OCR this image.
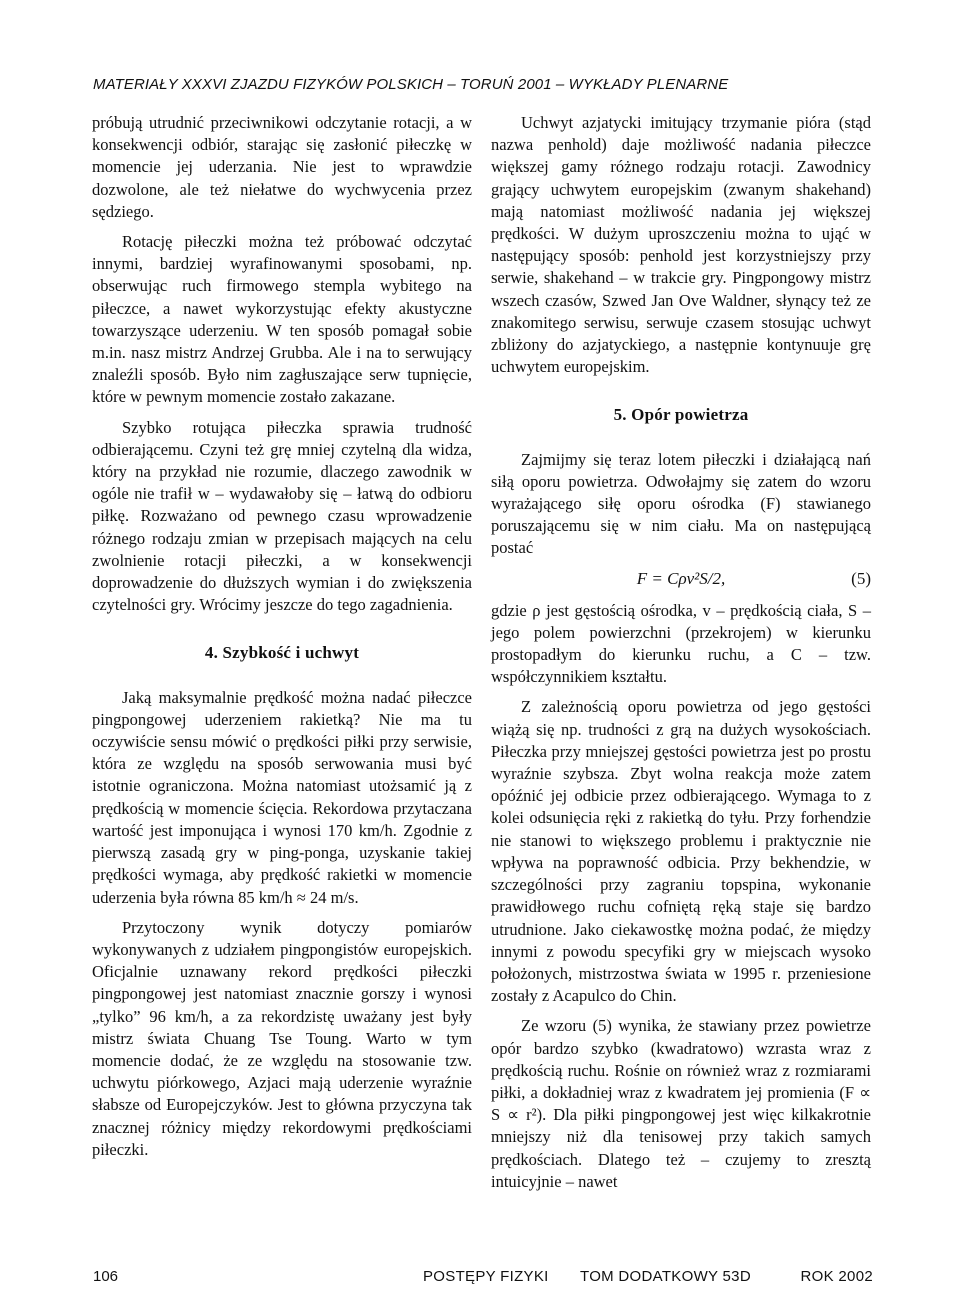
MATERIAŁY XXXVI ZJAZDU FIZYKÓW POLSKICH – TORUŃ 2001 – WYKŁADY PLENARNE

próbują utrudnić przeciwnikowi odczytanie rotacji, a w konsekwencji odbiór, starając się zasłonić piłeczkę w momencie jej uderzania. Nie jest to wprawdzie dozwolone, ale też niełatwe do wychwycenia przez sędziego.

Rotację piłeczki można też próbować odczytać innymi, bardziej wyrafinowanymi sposobami, np. obserwując ruch firmowego stempla wybitego na piłeczce, a nawet wykorzystując efekty akustyczne towarzyszące uderzeniu. W ten sposób pomagał sobie m.in. nasz mistrz Andrzej Grubba. Ale i na to serwujący znaleźli sposób. Było nim zagłuszające serw tupnięcie, które w pewnym momencie zostało zakazane.

Szybko rotująca piłeczka sprawia trudność odbierającemu. Czyni też grę mniej czytelną dla widza, który na przykład nie rozumie, dlaczego zawodnik w ogóle nie trafił w – wydawałoby się – łatwą do odbioru piłkę. Rozważano od pewnego czasu wprowadzenie różnego rodzaju zmian w przepisach mających na celu zwolnienie rotacji piłeczki, a w konsekwencji doprowadzenie do dłuższych wymian i do zwiększenia czytelności gry. Wrócimy jeszcze do tego zagadnienia.

4. Szybkość i uchwyt

Jaką maksymalnie prędkość można nadać piłeczce pingpongowej uderzeniem rakietką? Nie ma tu oczywiście sensu mówić o prędkości piłki przy serwisie, która ze względu na sposób serwowania musi być istotnie ograniczona. Można natomiast utożsamić ją z prędkością w momencie ścięcia. Rekordowa przytaczana wartość jest imponująca i wynosi 170 km/h. Zgodnie z pierwszą zasadą gry w ping-ponga, uzyskanie takiej prędkości wymaga, aby prędkość rakietki w momencie uderzenia była równa 85 km/h ≈ 24 m/s.

Przytoczony wynik dotyczy pomiarów wykonywanych z udziałem pingpongistów europejskich. Oficjalnie uznawany rekord prędkości piłeczki pingpongowej jest natomiast znacznie gorszy i wynosi „tylko” 96 km/h, a za rekordzistę uważany jest były mistrz świata Chuang Tse Toung. Warto w tym momencie dodać, że ze względu na stosowanie tzw. uchwytu piórkowego, Azjaci mają uderzenie wyraźnie słabsze od Europejczyków. Jest to główna przyczyna tak znacznej różnicy między rekordowymi prędkościami piłeczki.

Uchwyt azjatycki imitujący trzymanie pióra (stąd nazwa penhold) daje możliwość nadania piłeczce większej gamy różnego rodzaju rotacji. Zawodnicy grający uchwytem europejskim (zwanym shakehand) mają natomiast możliwość nadania jej większej prędkości. W dużym uproszczeniu można to ująć w następujący sposób: penhold jest korzystniejszy przy serwie, shakehand – w trakcie gry. Pingpongowy mistrz wszech czasów, Szwed Jan Ove Waldner, słynący też ze znakomitego serwisu, serwuje czasem stosując uchwyt zbliżony do azjatyckiego, a następnie kontynuuje grę uchwytem europejskim.

5. Opór powietrza

Zajmijmy się teraz lotem piłeczki i działającą nań siłą oporu powietrza. Odwołajmy się zatem do wzoru wyrażającego siłę oporu ośrodka (F) stawianego poruszającemu się w nim ciału. Ma on następującą postać

F = Cρv²S/2,	(5)

gdzie ρ jest gęstością ośrodka, v – prędkością ciała, S – jego polem powierzchni (przekrojem) w kierunku prostopadłym do kierunku ruchu, a C – tzw. współczynnikiem kształtu.

Z zależnością oporu powietrza od jego gęstości wiążą się np. trudności z grą na dużych wysokościach. Piłeczka przy mniejszej gęstości powietrza jest po prostu wyraźnie szybsza. Zbyt wolna reakcja może zatem opóźnić jej odbicie przez odbierającego. Wymaga to z kolei odsunięcia ręki z rakietką do tyłu. Przy forhendzie nie stanowi to większego problemu i praktycznie nie wpływa na poprawność odbicia. Przy bekhendzie, w szczególności przy zagraniu topspina, wykonanie prawidłowego ruchu cofniętą ręką staje się bardzo utrudnione. Jako ciekawostkę można podać, że między innymi z powodu specyfiki gry w miejscach wysoko położonych, mistrzostwa świata w 1995 r. przeniesione zostały z Acapulco do Chin.

Ze wzoru (5) wynika, że stawiany przez powietrze opór bardzo szybko (kwadratowo) wzrasta wraz z prędkością ruchu. Rośnie on również wraz z rozmiarami piłki, a dokładniej wraz z kwadratem jej promienia (F ∝ S ∝ r²). Dla piłki pingpongowej jest więc kilkakrotnie mniejszy niż dla tenisowej przy takich samych prędkościach. Dlatego też – czujemy to zresztą intuicyjnie – nawet

106	POSTĘPY FIZYKI TOM DODATKOWY 53D	ROK 2002
